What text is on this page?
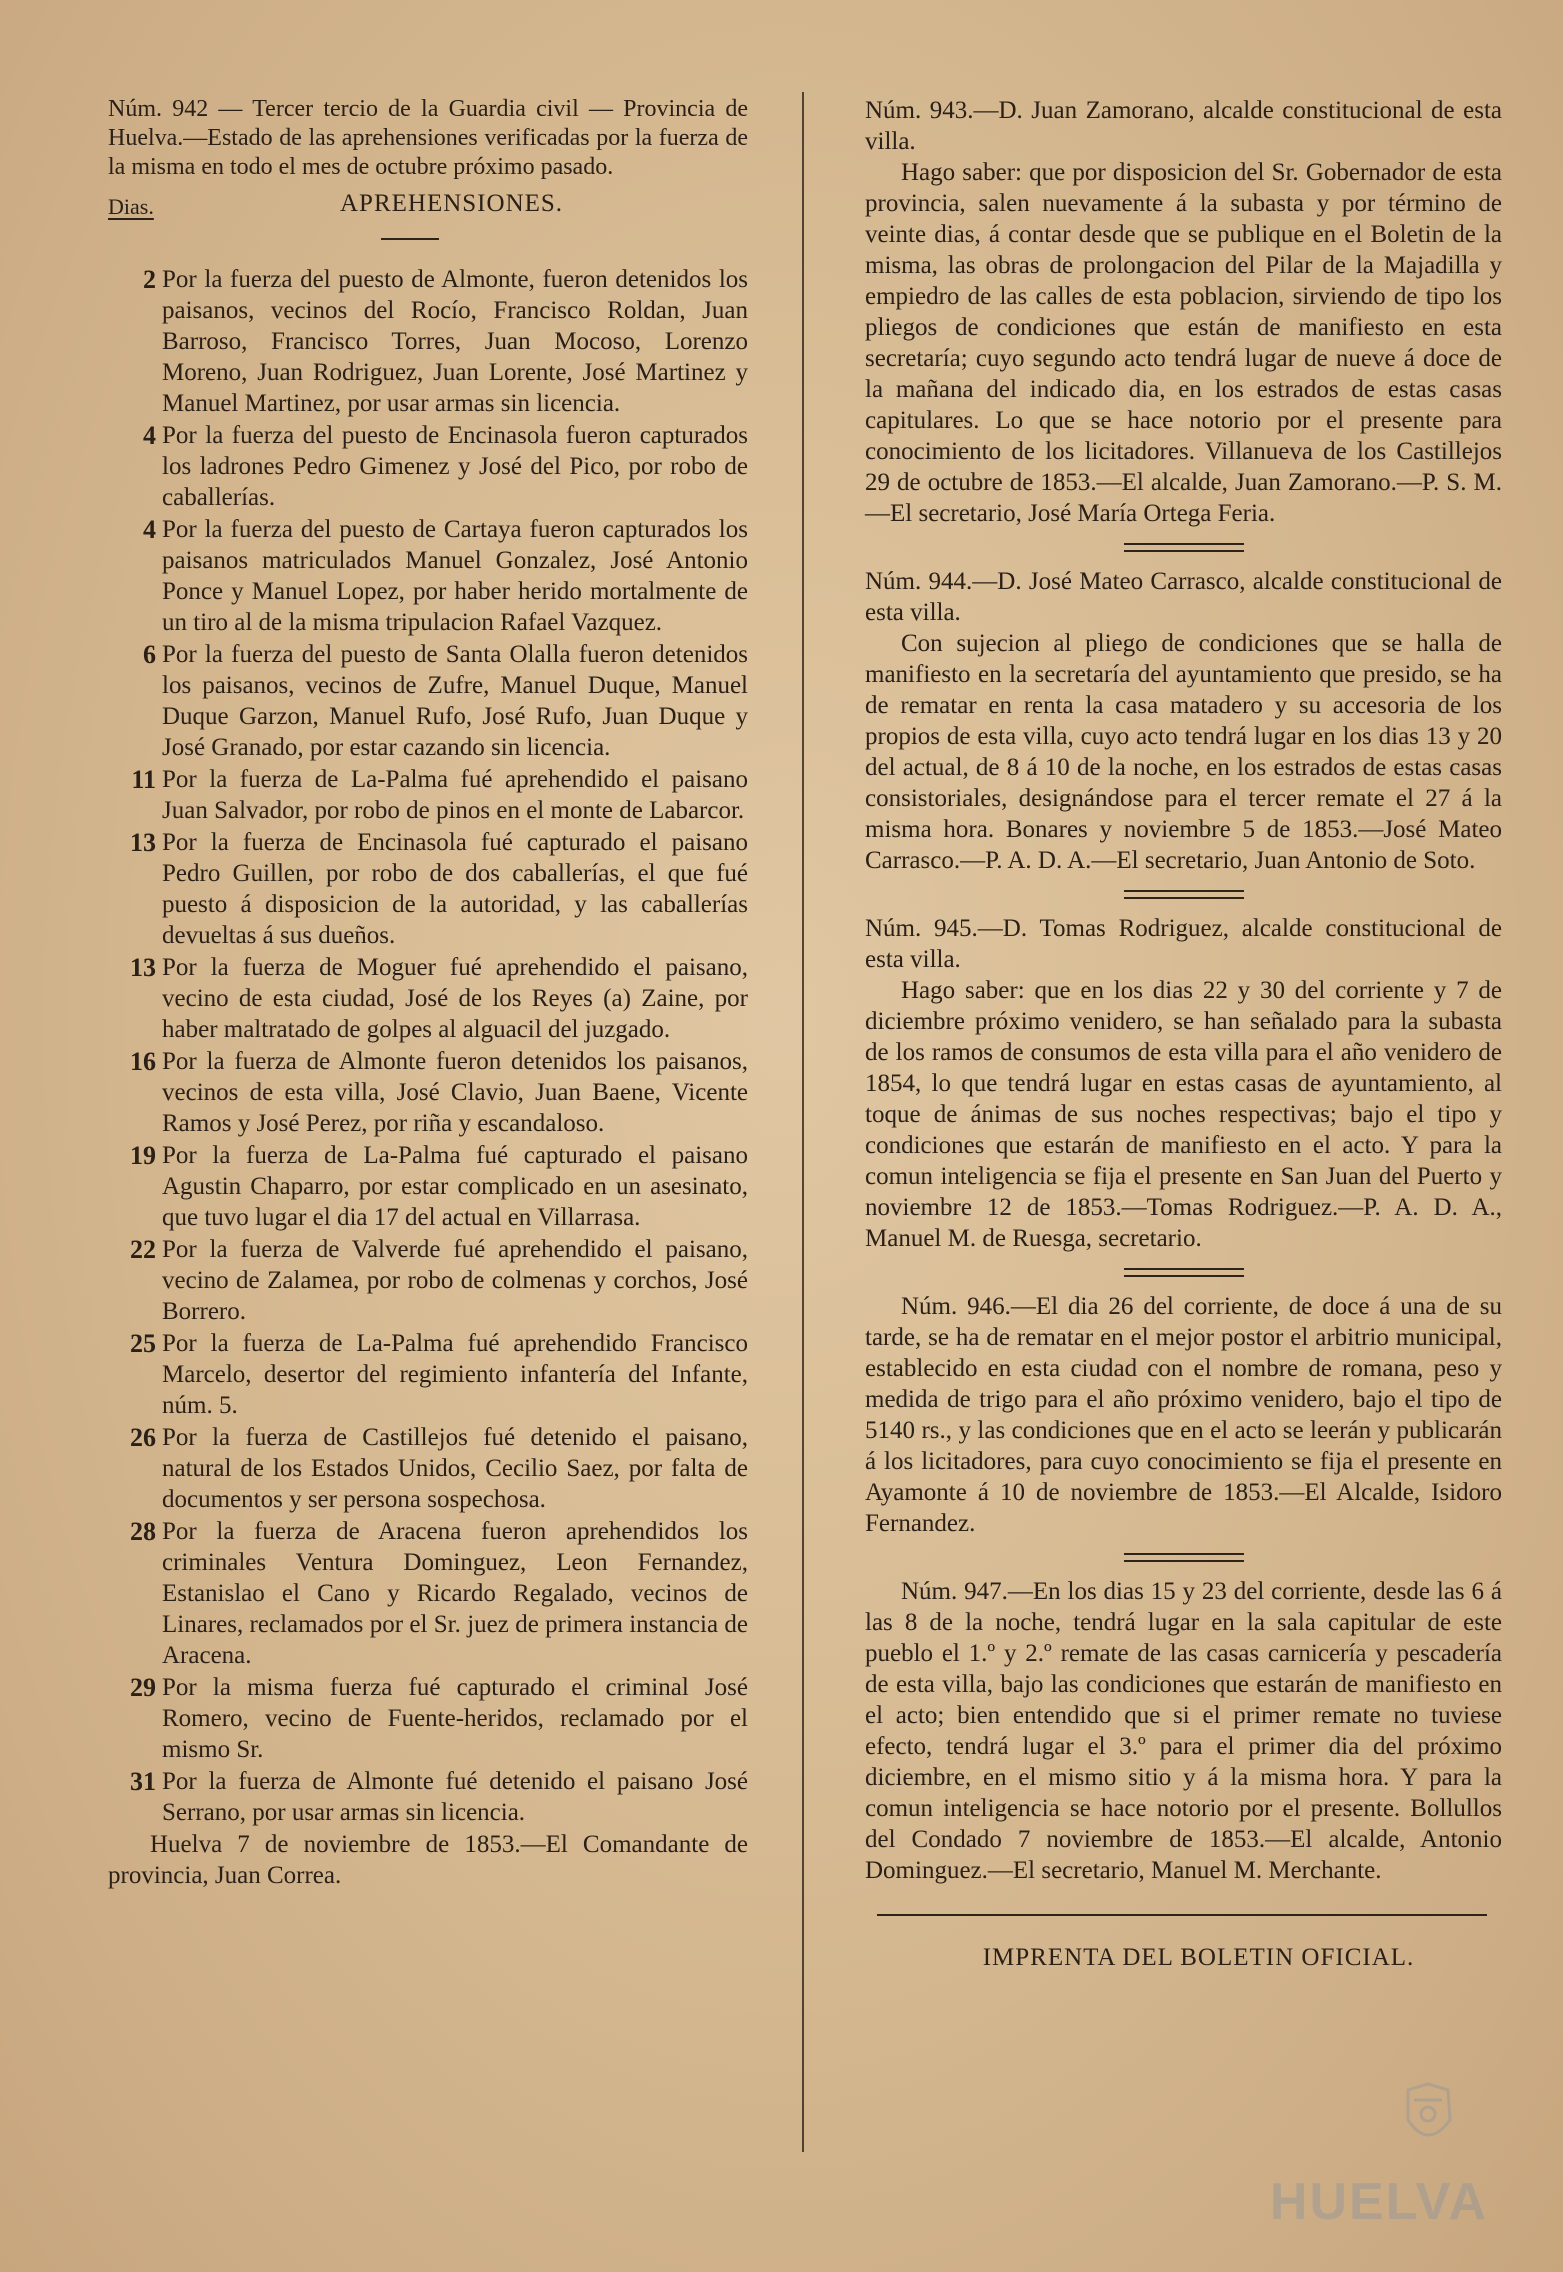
Núm. 942 — Tercer tercio de la Guardia civil — Provincia de Huelva.—Estado de las aprehensiones verificadas por la fuerza de la misma en todo el mes de octubre próximo pasado.
Dias.	APREHENSIONES.
2 Por la fuerza del puesto de Almonte, fueron detenidos los paisanos, vecinos del Rocío, Francisco Roldan, Juan Barroso, Francisco Torres, Juan Mocoso, Lorenzo Moreno, Juan Rodriguez, Juan Lorente, José Martinez y Manuel Martinez, por usar armas sin licencia.
4 Por la fuerza del puesto de Encinasola fueron capturados los ladrones Pedro Gimenez y José del Pico, por robo de caballerías.
4 Por la fuerza del puesto de Cartaya fueron capturados los paisanos matriculados Manuel Gonzalez, José Antonio Ponce y Manuel Lopez, por haber herido mortalmente de un tiro al de la misma tripulacion Rafael Vazquez.
6 Por la fuerza del puesto de Santa Olalla fueron detenidos los paisanos, vecinos de Zufre, Manuel Duque, Manuel Duque Garzon, Manuel Rufo, José Rufo, Juan Duque y José Granado, por estar cazando sin licencia.
11 Por la fuerza de La-Palma fué aprehendido el paisano Juan Salvador, por robo de pinos en el monte de Labarcor.
13 Por la fuerza de Encinasola fué capturado el paisano Pedro Guillen, por robo de dos caballerías, el que fué puesto á disposicion de la autoridad, y las caballerías devueltas á sus dueños.
13 Por la fuerza de Moguer fué aprehendido el paisano, vecino de esta ciudad, José de los Reyes (a) Zaine, por haber maltratado de golpes al alguacil del juzgado.
16 Por la fuerza de Almonte fueron detenidos los paisanos, vecinos de esta villa, José Clavio, Juan Baene, Vicente Ramos y José Perez, por riña y escandaloso.
19 Por la fuerza de La-Palma fué capturado el paisano Agustin Chaparro, por estar complicado en un asesinato, que tuvo lugar el dia 17 del actual en Villarrasa.
22 Por la fuerza de Valverde fué aprehendido el paisano, vecino de Zalamea, por robo de colmenas y corchos, José Borrero.
25 Por la fuerza de La-Palma fué aprehendido Francisco Marcelo, desertor del regimiento infantería del Infante, núm. 5.
26 Por la fuerza de Castillejos fué detenido el paisano, natural de los Estados Unidos, Cecilio Saez, por falta de documentos y ser persona sospechosa.
28 Por la fuerza de Aracena fueron aprehendidos los criminales Ventura Dominguez, Leon Fernandez, Estanislao el Cano y Ricardo Regalado, vecinos de Linares, reclamados por el Sr. juez de primera instancia de Aracena.
29 Por la misma fuerza fué capturado el criminal José Romero, vecino de Fuente-heridos, reclamado por el mismo Sr.
31 Por la fuerza de Almonte fué detenido el paisano José Serrano, por usar armas sin licencia.
Huelva 7 de noviembre de 1853.—El Comandante de provincia, Juan Correa.

Núm. 943.—D. Juan Zamorano, alcalde constitucional de esta villa.

Hago saber: que por disposicion del Sr. Gobernador de esta provincia, salen nuevamente á la subasta y por término de veinte dias, á contar desde que se publique en el Boletin de la misma, las obras de prolongacion del Pilar de la Majadilla y empiedro de las calles de esta poblacion, sirviendo de tipo los pliegos de condiciones que están de manifiesto en esta secretaría; cuyo segundo acto tendrá lugar de nueve á doce de la mañana del indicado dia, en los estrados de estas casas capitulares. Lo que se hace notorio por el presente para conocimiento de los licitadores. Villanueva de los Castillejos 29 de octubre de 1853.—El alcalde, Juan Zamorano.—P. S. M.—El secretario, José María Ortega Feria.

Núm. 944.—D. José Mateo Carrasco, alcalde constitucional de esta villa.

Con sujecion al pliego de condiciones que se halla de manifiesto en la secretaría del ayuntamiento que presido, se ha de rematar en renta la casa matadero y su accesoria de los propios de esta villa, cuyo acto tendrá lugar en los dias 13 y 20 del actual, de 8 á 10 de la noche, en los estrados de estas casas consistoriales, designándose para el tercer remate el 27 á la misma hora. Bonares y noviembre 5 de 1853.—José Mateo Carrasco.—P. A. D. A.—El secretario, Juan Antonio de Soto.

Núm. 945.—D. Tomas Rodriguez, alcalde constitucional de esta villa.

Hago saber: que en los dias 22 y 30 del corriente y 7 de diciembre próximo venidero, se han señalado para la subasta de los ramos de consumos de esta villa para el año venidero de 1854, lo que tendrá lugar en estas casas de ayuntamiento, al toque de ánimas de sus noches respectivas; bajo el tipo y condiciones que estarán de manifiesto en el acto. Y para la comun inteligencia se fija el presente en San Juan del Puerto y noviembre 12 de 1853.—Tomas Rodriguez.—P. A. D. A., Manuel M. de Ruesga, secretario.

Núm. 946.—El dia 26 del corriente, de doce á una de su tarde, se ha de rematar en el mejor postor el arbitrio municipal, establecido en esta ciudad con el nombre de romana, peso y medida de trigo para el año próximo venidero, bajo el tipo de 5140 rs., y las condiciones que en el acto se leerán y publicarán á los licitadores, para cuyo conocimiento se fija el presente en Ayamonte á 10 de noviembre de 1853.—El Alcalde, Isidoro Fernandez.

Núm. 947.—En los dias 15 y 23 del corriente, desde las 6 á las 8 de la noche, tendrá lugar en la sala capitular de este pueblo el 1.º y 2.º remate de las casas carnicería y pescadería de esta villa, bajo las condiciones que estarán de manifiesto en el acto; bien entendido que si el primer remate no tuviese efecto, tendrá lugar el 3.º para el primer dia del próximo diciembre, en el mismo sitio y á la misma hora. Y para la comun inteligencia se hace notorio por el presente. Bollullos del Condado 7 noviembre de 1853.—El alcalde, Antonio Dominguez.—El secretario, Manuel M. Merchante.

IMPRENTA DEL BOLETIN OFICIAL.
HUELVA
